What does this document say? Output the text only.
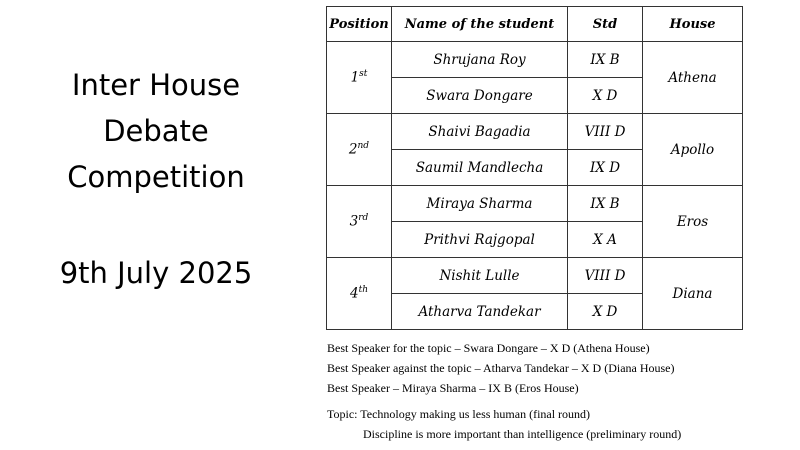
Inter House
Debate
Competition
9th July 2025
Position	Name of the student	Std	House
1st	Shrujana Roy	IX B	Athena
	Swara Dongare	X D	
2nd	Shaivi Bagadia	VIII D	Apollo
	Saumil Mandlecha	IX D	
3rd	Miraya Sharma	IX B	Eros
	Prithvi Rajgopal	X A	
4th	Nishit Lulle	VIII D	Diana
	Atharva Tandekar	X D	
Best Speaker for the topic – Swara Dongare – X D (Athena House)
Best Speaker against the topic – Atharva Tandekar – X D (Diana House)
Best Speaker – Miraya Sharma – IX B (Eros House)
Topic: Technology making us less human (final round)
Discipline is more important than intelligence (preliminary round)
